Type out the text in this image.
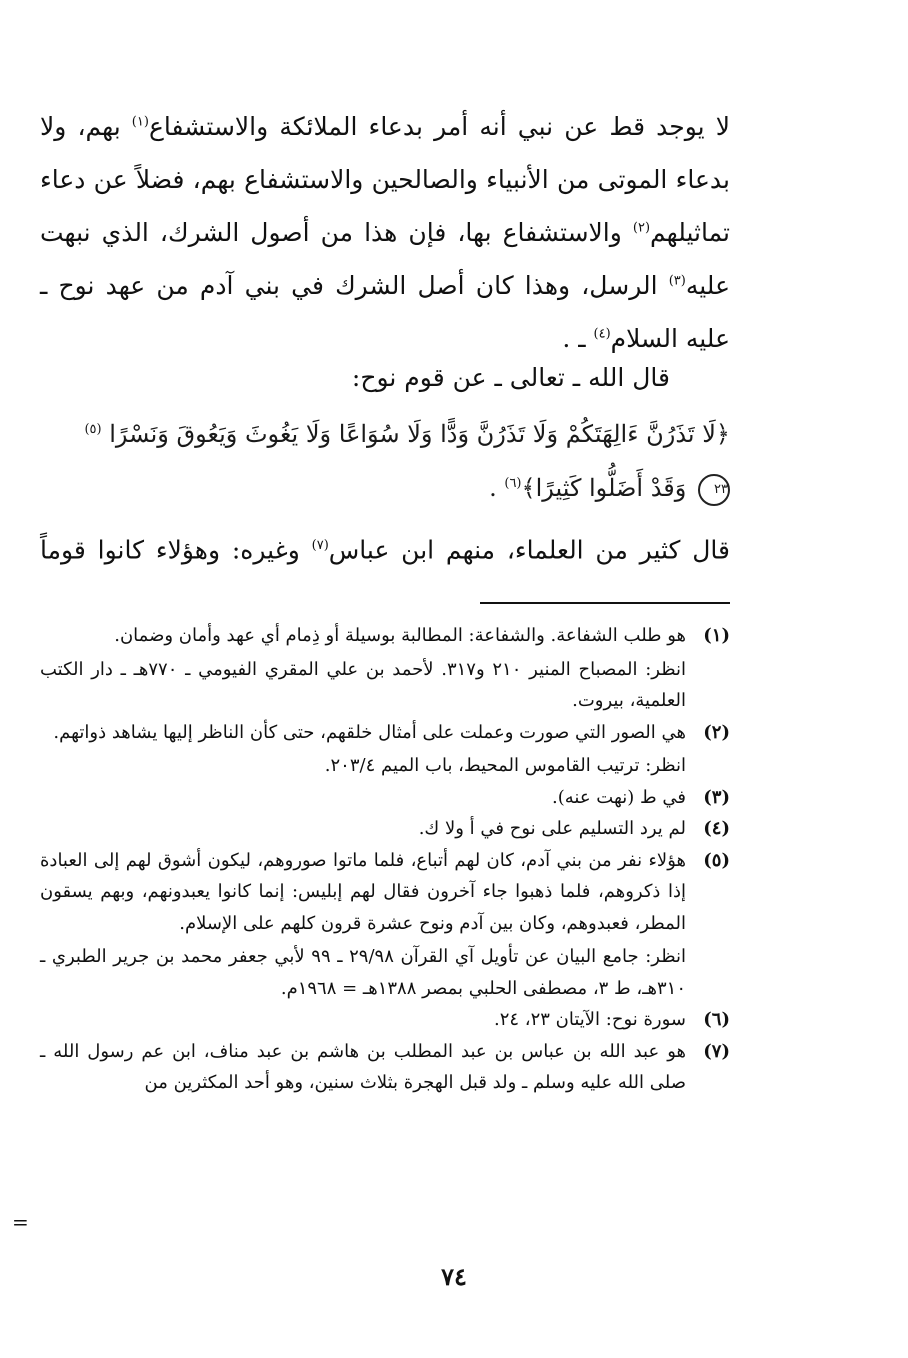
لا يوجد قط عن نبي أنه أمر بدعاء الملائكة والاستشفاع$^{(١)}$ بهم، ولا بدعاء الموتى من الأنبياء والصالحين والاستشفاع بهم، فضلاً عن دعاء تماثيلهم$^{(٢)}$ والاستشفاع بها، فإن هذا من أصول الشرك، الذي نبهت عليه$^{(٣)}$ الرسل، وهذا كان أصل الشرك في بني آدم من عهد نوح ـ عليه السلام$^{(٤)}$ ـ .

قال الله ـ تعالى ـ عن قوم نوح:
﴿لَا تَذَرُنَّ ءَالِهَتَكُمْ وَلَا تَذَرُنَّ وَدًّا وَلَا سُوَاعًا وَلَا يَغُوثَ وَيَعُوقَ وَنَسْرًا $^{(٥)}$
٢٣ وَقَدْ أَضَلُّوا كَثِيرًا﴾$^{(٦)}$ .
قال كثير من العلماء، منهم ابن عباس$^{(٧)}$ وغيره: وهؤلاء كانوا قوماً
(١)
هو طلب الشفاعة. والشفاعة: المطالبة بوسيلة أو ذِمام أي عهد وأمان وضمان.
انظر: المصباح المنير ٢١٠ و٣١٧. لأحمد بن علي المقري الفيومي ـ ٧٧٠هـ ـ دار الكتب العلمية، بيروت.
(٢)
هي الصور التي صورت وعملت على أمثال خلقهم، حتى كأن الناظر إليها يشاهد ذواتهم.
انظر: ترتيب القاموس المحيط، باب الميم ٢٠٣/٤.
(٣)
في ط (نهت عنه).
(٤)
لم يرد التسليم على نوح في أ ولا ك.
(٥)
هؤلاء نفر من بني آدم، كان لهم أتباع، فلما ماتوا صوروهم، ليكون أشوق لهم إلى العبادة إذا ذكروهم، فلما ذهبوا جاء آخرون فقال لهم إبليس: إنما كانوا يعبدونهم، وبهم يسقون المطر، فعبدوهم، وكان بين آدم ونوح عشرة قرون كلهم على الإسلام.
انظر: جامع البيان عن تأويل آي القرآن ٢٩/٩٨ ـ ٩٩ لأبي جعفر محمد بن جرير الطبري ـ ٣١٠هـ، ط ٣، مصطفى الحلبي بمصر ١٣٨٨هـ = ١٩٦٨م.
(٦)
سورة نوح: الآيتان ٢٣، ٢٤.
(٧)
هو عبد الله بن عباس بن عبد المطلب بن هاشم بن عبد مناف، ابن عم رسول الله ـ صلى الله عليه وسلم ـ ولد قبل الهجرة بثلاث سنين، وهو أحد المكثرين من
=
٧٤
